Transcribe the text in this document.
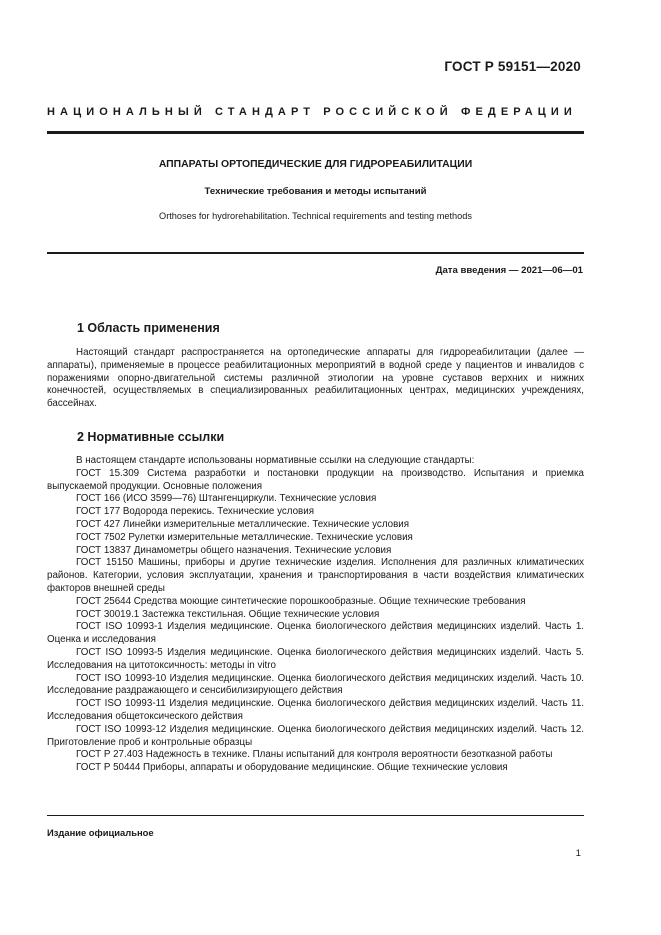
ГОСТ Р 59151—2020
НАЦИОНАЛЬНЫЙ СТАНДАРТ РОССИЙСКОЙ ФЕДЕРАЦИИ
АППАРАТЫ ОРТОПЕДИЧЕСКИЕ ДЛЯ ГИДРОРЕАБИЛИТАЦИИ
Технические требования и методы испытаний
Orthoses for hydrorehabilitation. Technical requirements and testing methods
Дата введения — 2021—06—01
1 Область применения

Настоящий стандарт распространяется на ортопедические аппараты для гидрореабилитации (далее — аппараты), применяемые в процессе реабилитационных мероприятий в водной среде у пациентов и инвалидов с поражениями опорно-двигательной системы различной этиологии на уровне суставов верхних и нижних конечностей, осуществляемых в специализированных реабилитационных центрах, медицинских учреждениях, бассейнах.

2 Нормативные ссылки

В настоящем стандарте использованы нормативные ссылки на следующие стандарты:

ГОСТ 15.309 Система разработки и постановки продукции на производство. Испытания и приемка выпускаемой продукции. Основные положения

ГОСТ 166 (ИСО 3599—76) Штангенциркули. Технические условия

ГОСТ 177 Водорода перекись. Технические условия

ГОСТ 427 Линейки измерительные металлические. Технические условия

ГОСТ 7502 Рулетки измерительные металлические. Технические условия

ГОСТ 13837 Динамометры общего назначения. Технические условия

ГОСТ 15150 Машины, приборы и другие технические изделия. Исполнения для различных климатических районов. Категории, условия эксплуатации, хранения и транспортирования в части воздействия климатических факторов внешней среды

ГОСТ 25644 Средства моющие синтетические порошкообразные. Общие технические требования

ГОСТ 30019.1 Застежка текстильная. Общие технические условия

ГОСТ ISO 10993-1 Изделия медицинские. Оценка биологического действия медицинских изделий. Часть 1. Оценка и исследования

ГОСТ ISO 10993-5 Изделия медицинские. Оценка биологического действия медицинских изделий. Часть 5. Исследования на цитотоксичность: методы in vitro

ГОСТ ISO 10993-10 Изделия медицинские. Оценка биологического действия медицинских изделий. Часть 10. Исследование раздражающего и сенсибилизирующего действия

ГОСТ ISO 10993-11 Изделия медицинские. Оценка биологического действия медицинских изделий. Часть 11. Исследования общетоксического действия

ГОСТ ISO 10993-12 Изделия медицинские. Оценка биологического действия медицинских изделий. Часть 12. Приготовление проб и контрольные образцы

ГОСТ Р 27.403 Надежность в технике. Планы испытаний для контроля вероятности безотказной работы

ГОСТ Р 50444 Приборы, аппараты и оборудование медицинские. Общие технические условия

Издание официальное
1
